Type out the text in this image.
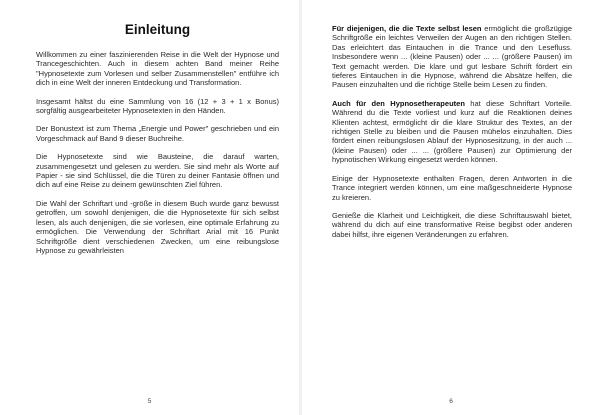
Einleitung

Willkommen zu einer faszinierenden Reise in die Welt der Hypnose und Trancegeschichten. Auch in diesem achten Band meiner Reihe "Hypnosetexte zum Vorlesen und selber Zusammenstellen" entführe ich dich in eine Welt der inneren Entdeckung und Transformation.

Insgesamt hältst du eine Sammlung von 16 (12 + 3 + 1 x Bonus) sorgfältig ausgearbeiteter Hypnosetexten in den Händen.

Der Bonustext ist zum Thema „Energie und Power" geschrieben und ein Vorgeschmack auf Band 9 dieser Buchreihe.

Die Hypnosetexte sind wie Bausteine, die darauf warten, zusammengesetzt und gelesen zu werden. Sie sind mehr als Worte auf Papier - sie sind Schlüssel, die die Türen zu deiner Fantasie öffnen und dich auf eine Reise zu deinem gewünschten Ziel führen.

Die Wahl der Schriftart und -größe in diesem Buch wurde ganz bewusst getroffen, um sowohl denjenigen, die die Hypnosetexte für sich selbst lesen, als auch denjenigen, die sie vorlesen, eine optimale Erfahrung zu ermöglichen. Die Verwendung der Schriftart Arial mit 16 Punkt Schriftgröße dient verschiedenen Zwecken, um eine reibungslose Hypnose zu gewährleisten

5

Für diejenigen, die die Texte selbst lesen ermöglicht die großzügige Schriftgröße ein leichtes Verweilen der Augen an den richtigen Stellen. Das erleichtert das Eintauchen in die Trance und den Lesefluss. Insbesondere wenn ... (kleine Pausen) oder ... ... (größere Pausen) im Text gemacht werden. Die klare und gut lesbare Schrift fördert ein tieferes Eintauchen in die Hypnose, während die Absätze helfen, die Pausen einzuhalten und die richtige Stelle beim Lesen zu finden.

Auch für den Hypnosetherapeuten hat diese Schriftart Vorteile. Während du die Texte vorliest und kurz auf die Reaktionen deines Klienten achtest, ermöglicht dir die klare Struktur des Textes, an der richtigen Stelle zu bleiben und die Pausen mühelos einzuhalten. Dies fördert einen reibungslosen Ablauf der Hypnosesitzung, in der auch ... (kleine Pausen) oder ... ... (größere Pausen) zur Optimierung der hypnotischen Wirkung eingesetzt werden können.

Einige der Hypnosetexte enthalten Fragen, deren Antworten in die Trance integriert werden können, um eine maßgeschneiderte Hypnose zu kreieren.

Genieße die Klarheit und Leichtigkeit, die diese Schriftauswahl bietet, während du dich auf eine transformative Reise begibst oder anderen dabei hilfst, ihre eigenen Veränderungen zu erfahren.

6
